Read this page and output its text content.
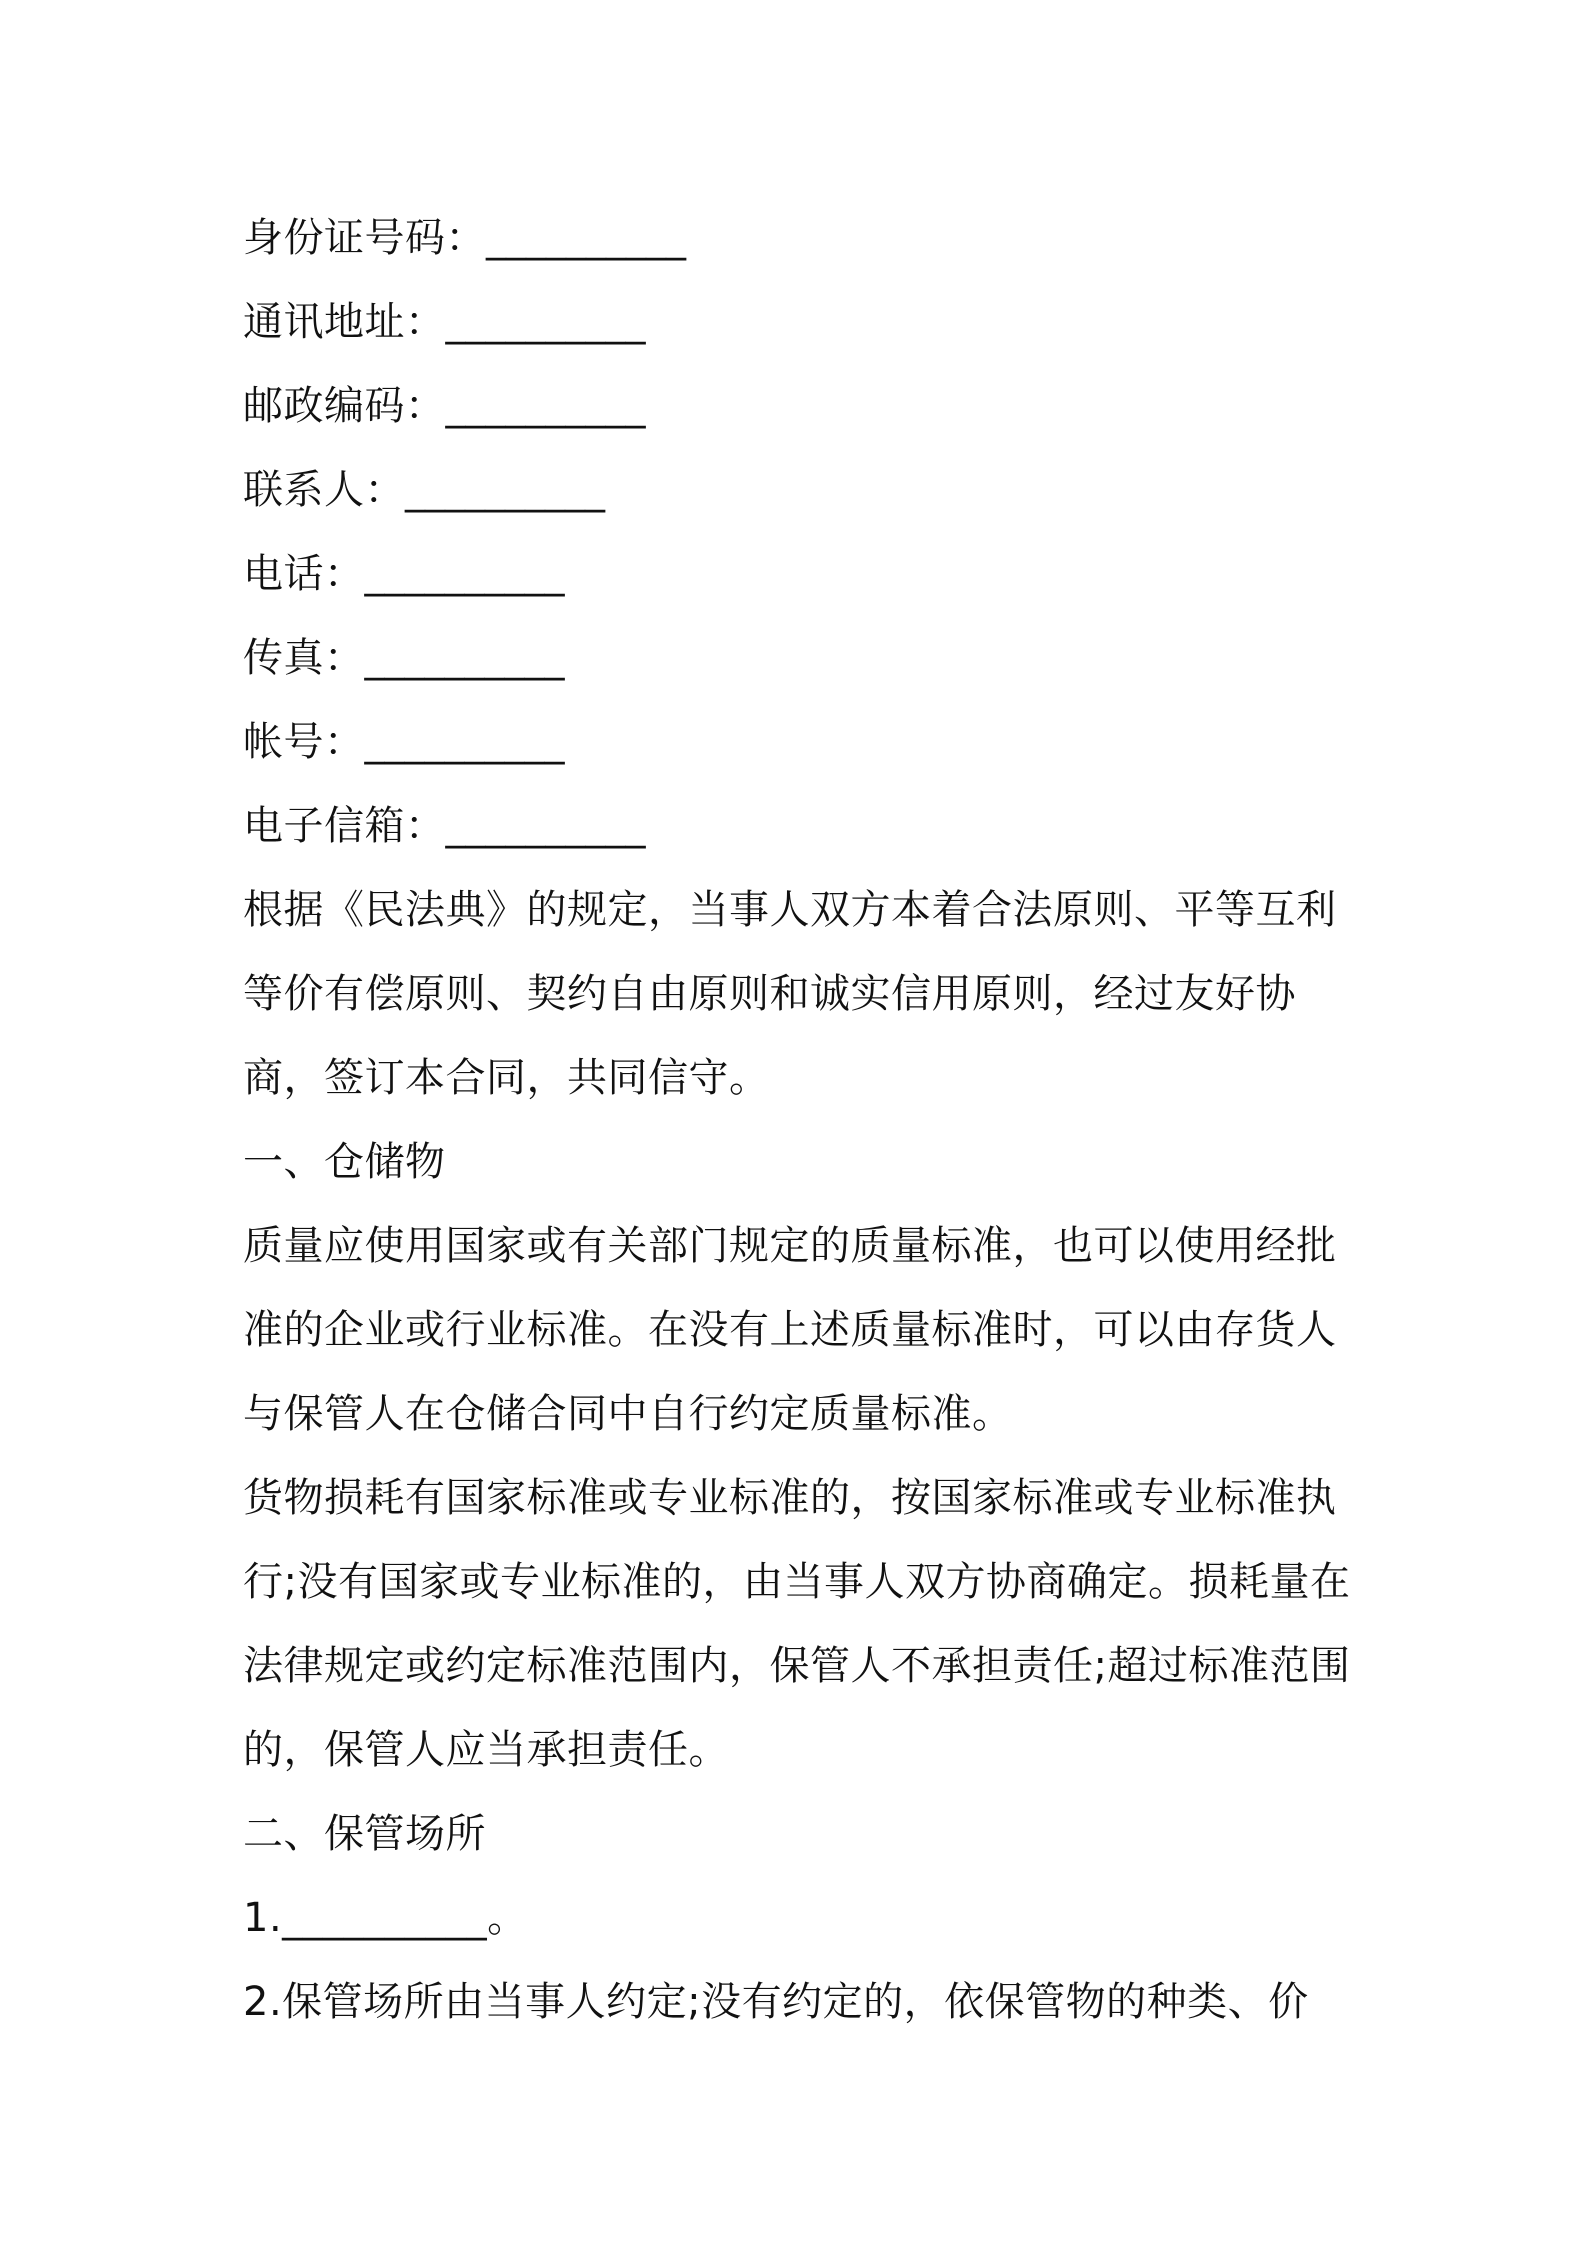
身份证号码：__________
通讯地址：__________
邮政编码：__________
联系人：__________
电话：__________
传真：__________
帐号：__________
电子信箱：__________
根据《民法典》的规定，当事人双方本着合法原则、平等互利等价有偿原则、契约自由原则和诚实信用原则，经过友好协商，签订本合同，共同信守。
一、仓储物
质量应使用国家或有关部门规定的质量标准，也可以使用经批准的企业或行业标准。在没有上述质量标准时，可以由存货人与保管人在仓储合同中自行约定质量标准。
货物损耗有国家标准或专业标准的，按国家标准或专业标准执行;没有国家或专业标准的，由当事人双方协商确定。损耗量在法律规定或约定标准范围内，保管人不承担责任;超过标准范围的，保管人应当承担责任。
二、保管场所
1.__________。
2.保管场所由当事人约定;没有约定的，依保管物的种类、价
